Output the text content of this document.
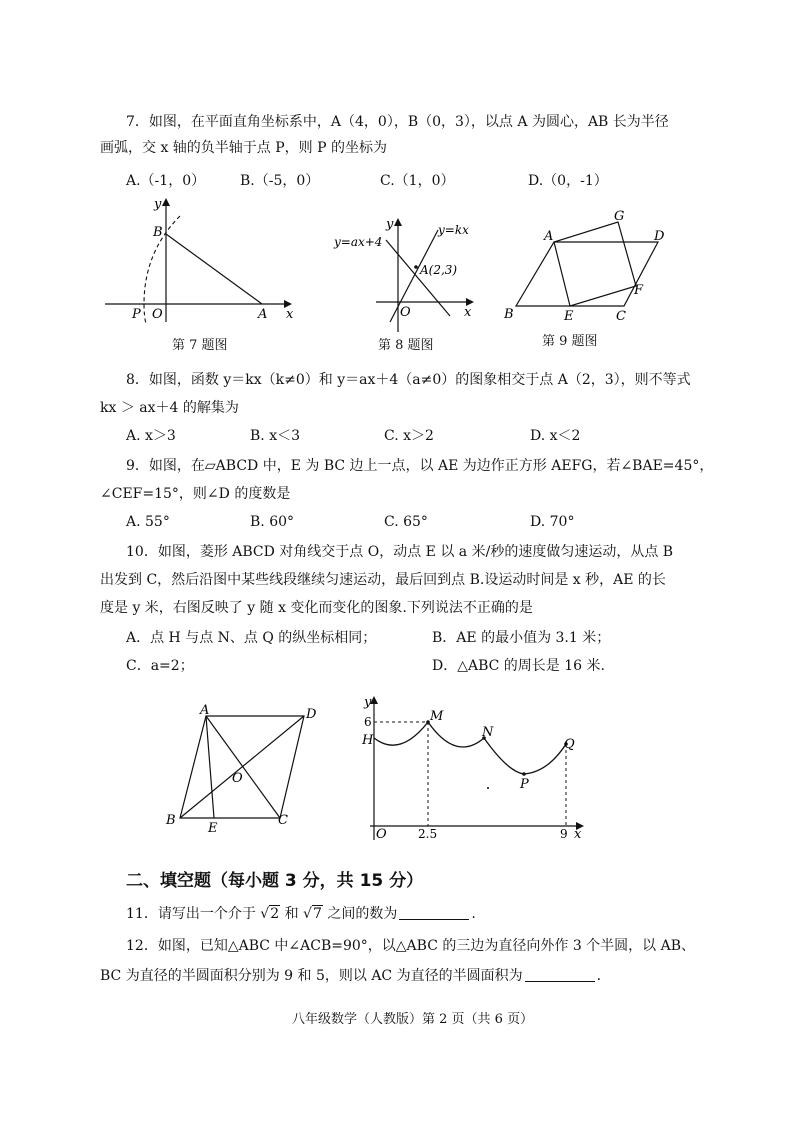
7．如图，在平面直角坐标系中，A（4，0），B（0，3），以点 A 为圆心，AB 长为半径
画弧，交 x 轴的负半轴于点 P，则 P 的坐标为
A.（-1，0） B.（-5，0）	C.（1，0）	D.（0，-1）
y
B
O
P	A x
第 7 题图
y
y=ax+4
y=kx
A(2,3)
O	x
第 8 题图
A
G
D
F
B	E	C
第 9 题图
8．如图，函数 y＝kx（k≠0）和 y＝ax＋4（a≠0）的图象相交于点 A（2，3），则不等式
kx ＞ ax＋4 的解集为
A. x＞3	B. x＜3	C. x＞2	D. x＜2
9．如图，在▱ABCD 中，E 为 BC 边上一点，以 AE 为边作正方形 AEFG，若∠BAE=45°，
∠CEF=15°，则∠D 的度数是
A. 55°	B. 60°	C. 65°	D. 70°
10．如图，菱形 ABCD 对角线交于点 O，动点 E 以 a 米/秒的速度做匀速运动，从点 B
出发到 C，然后沿图中某些线段继续匀速运动，最后回到点 B.设运动时间是 x 秒，AE 的长
度是 y 米，右图反映了 y 随 x 变化而变化的图象.下列说法不正确的是
A．点 H 与点 N、点 Q 的纵坐标相同；	B．AE 的最小值为 3.1 米；
C．a=2；	D．△ABC 的周长是 16 米.
A	D
O
B
E
C
y
6
H
M
N
P
Q
O	2.5	9 x
二、填空题（每小题 3 分，共 15 分）
11．请写出一个介于 √2 和 √7 之间的数为	.
12．如图，已知△ABC 中∠ACB=90°，以△ABC 的三边为直径向外作 3 个半圆，以 AB、
BC 为直径的半圆面积分别为 9 和 5，则以 AC 为直径的半圆面积为	.
八年级数学（人教版）第 2 页（共 6 页）
